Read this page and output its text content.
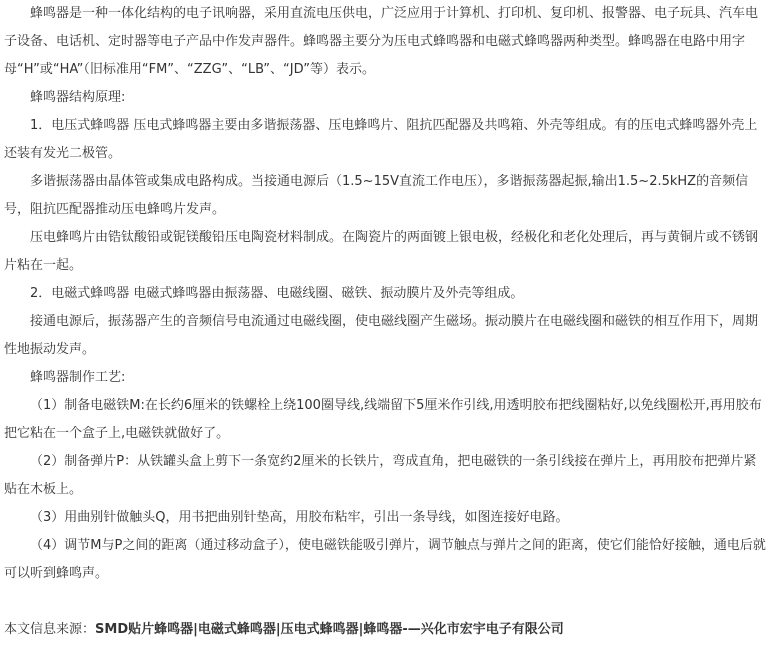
蜂鸣器是一种一体化结构的电子讯响器，采用直流电压供电，广泛应用于计算机、打印机、复印机、报警器、电子玩具、汽车电子设备、电话机、定时器等电子产品中作发声器件。蜂鸣器主要分为压电式蜂鸣器和电磁式蜂鸣器两种类型。蜂鸣器在电路中用字母“H”或“HA”（旧标准用“FM”、“ZZG”、“LB”、“JD”等）表示。

蜂鸣器结构原理:

1．电压式蜂鸣器 压电式蜂鸣器主要由多谐振荡器、压电蜂鸣片、阻抗匹配器及共鸣箱、外壳等组成。有的压电式蜂鸣器外壳上还装有发光二极管。

多谐振荡器由晶体管或集成电路构成。当接通电源后（1.5~15V直流工作电压），多谐振荡器起振,输出1.5~2.5kHZ的音频信号，阻抗匹配器推动压电蜂鸣片发声。

压电蜂鸣片由锆钛酸铅或铌镁酸铅压电陶瓷材料制成。在陶瓷片的两面镀上银电极，经极化和老化处理后，再与黄铜片或不锈钢片粘在一起。

2．电磁式蜂鸣器 电磁式蜂鸣器由振荡器、电磁线圈、磁铁、振动膜片及外壳等组成。

接通电源后，振荡器产生的音频信号电流通过电磁线圈，使电磁线圈产生磁场。振动膜片在电磁线圈和磁铁的相互作用下，周期性地振动发声。

蜂鸣器制作工艺:

（1）制备电磁铁M:在长约6厘米的铁螺栓上绕100圈导线,线端留下5厘米作引线,用透明胶布把线圈粘好,以免线圈松开,再用胶布把它粘在一个盒子上,电磁铁就做好了。

（2）制备弹片P：从铁罐头盒上剪下一条宽约2厘米的长铁片，弯成直角，把电磁铁的一条引线接在弹片上，再用胶布把弹片紧贴在木板上。

（3）用曲别针做触头Q，用书把曲别针垫高，用胶布粘牢，引出一条导线，如图连接好电路。

（4）调节M与P之间的距离（通过移动盒子），使电磁铁能吸引弹片，调节触点与弹片之间的距离，使它们能恰好接触，通电后就可以听到蜂鸣声。

本文信息来源：SMD贴片蜂鸣器|电磁式蜂鸣器|压电式蜂鸣器|蜂鸣器-—兴化市宏宇电子有限公司
